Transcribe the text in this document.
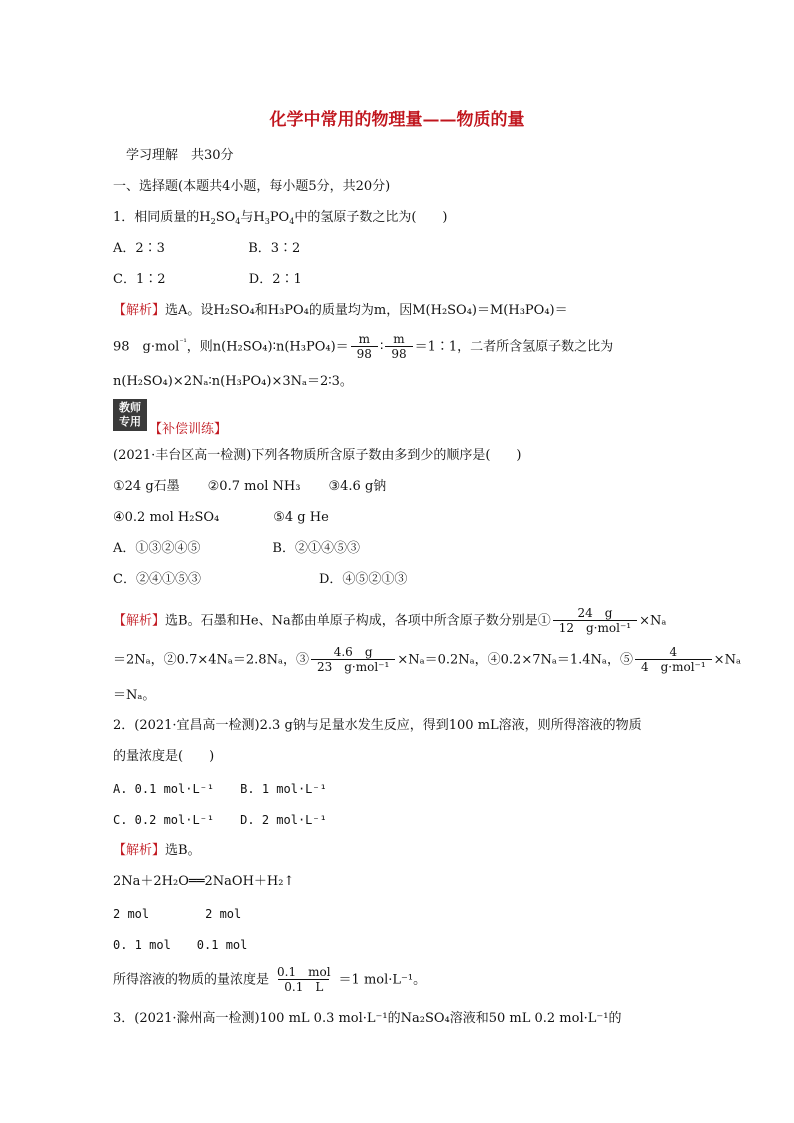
化学中常用的物理量——物质的量
学习理解　共30分
一、选择题(本题共4小题，每小题5分，共20分)
1．相同质量的$H_2SO_4$与$H_3PO_4$中的氢原子数之比为(　　)
A．2∶3	B．3∶2
C．1∶2	D．2∶1
【解析】选A。设H₂SO₄和H₃PO₄的质量均为m，因M(H₂SO₄)＝M(H₃PO₄)＝
98　g·mol$^{^{-1}}$，则n(H₂SO₄)∶n(H₃PO₄)＝ $\frac{m}{98}$ ∶ $\frac{m}{98}$ ＝1∶1，二者所含氢原子数之比为
n(H₂SO₄)×2Nₐ∶n(H₃PO₄)×3Nₐ＝2∶3。
教师
专用
【补偿训练】
(2021·丰台区高一检测)下列各物质所含原子数由多到少的顺序是(　　)
①24 g石墨 ②0.7 mol NH₃ ③4.6 g钠
④0.2 mol H₂SO₄	⑤4 g He
A．①③②④⑤	B．②①④⑤③
C．②④①⑤③	D．④⑤②①③
【解析】选B。石墨和He、Na都由单原子构成，各项中所含原子数分别是① $\frac{24 g}{\text{12　g·mol⁻¹}} \times N_a$
＝2Nₐ，②0.7×4Nₐ＝2.8Nₐ，③ $\frac{4.6 g}{\text{23　g·mol⁻¹}} \times N_a=0.2N_a$，④0.2×7Nₐ＝1.4Nₐ，⑤ $\frac{4}{\text{4　g·mol⁻¹}} \times N_a$
＝Nₐ。
2．(2021·宜昌高一检测)2.3 g钠与足量水发生反应，得到100 mL溶液，则所得溶液的物质
的量浓度是(　　)
A. 0.1 mol·L⁻¹ B. 1 mol·L⁻¹
C. 0.2 mol·L⁻¹ D. 2 mol·L⁻¹
【解析】选B。
2Na＋2H₂O══2NaOH＋H₂↑
2 mol	2 mol
0. 1 mol 0.1 mol
所得溶液的物质的量浓度是 $\frac{\text{0.1　mol}}{0.1 L} =1$ mol·L⁻¹。
3．(2021·滁州高一检测)100 mL 0.3 mol·L⁻¹的Na₂SO₄溶液和50 mL 0.2 mol·L⁻¹的
